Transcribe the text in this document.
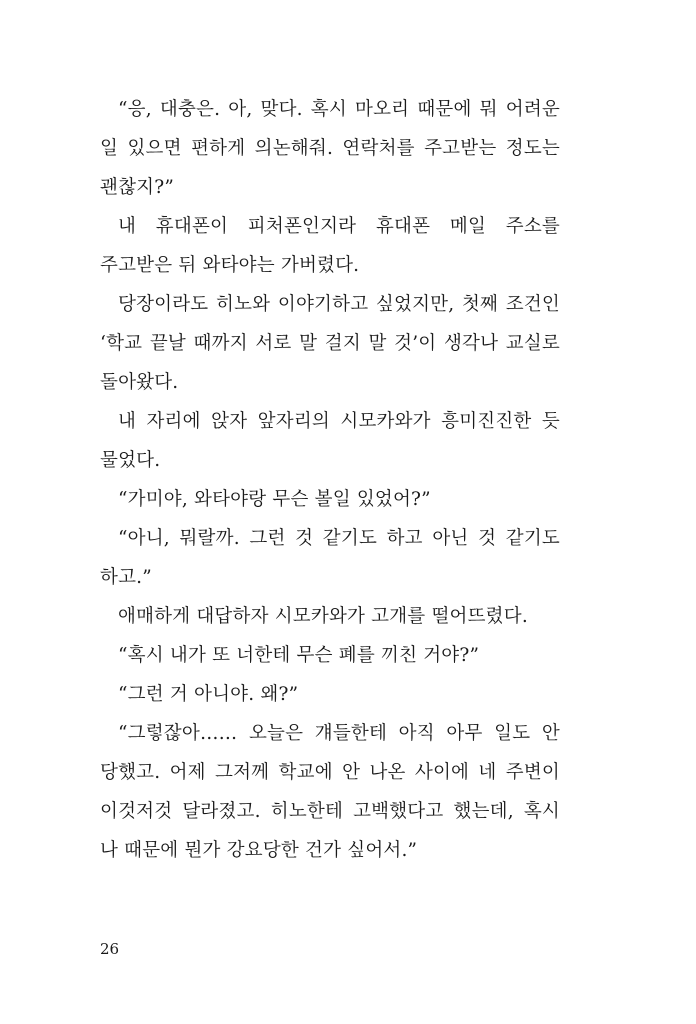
“응, 대충은. 아, 맞다. 혹시 마오리 때문에 뭐 어려운 일 있으면 편하게 의논해줘. 연락처를 주고받는 정도는 괜찮지?”

내 휴대폰이 피처폰인지라 휴대폰 메일 주소를 주고받은 뒤 와타야는 가버렸다.

당장이라도 히노와 이야기하고 싶었지만, 첫째 조건인 ‘학교 끝날 때까지 서로 말 걸지 말 것’이 생각나 교실로 돌아왔다.

내 자리에 앉자 앞자리의 시모카와가 흥미진진한 듯 물었다.

“가미야, 와타야랑 무슨 볼일 있었어?”

“아니, 뭐랄까. 그런 것 같기도 하고 아닌 것 같기도 하고.”

애매하게 대답하자 시모카와가 고개를 떨어뜨렸다.

“혹시 내가 또 너한테 무슨 폐를 끼친 거야?”

“그런 거 아니야. 왜?”

“그렇잖아…… 오늘은 걔들한테 아직 아무 일도 안 당했고. 어제 그저께 학교에 안 나온 사이에 네 주변이 이것저것 달라졌고. 히노한테 고백했다고 했는데, 혹시 나 때문에 뭔가 강요당한 건가 싶어서.”

26
